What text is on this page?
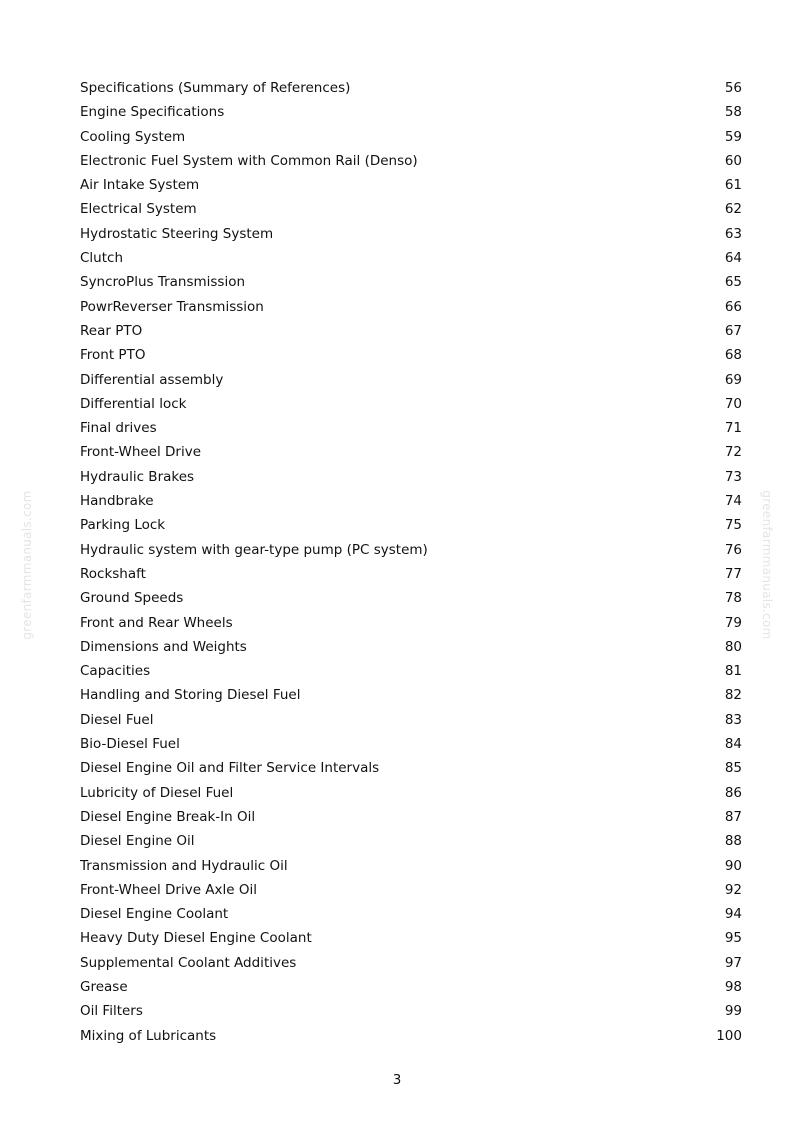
Specifications (Summary of References)	56
Engine Specifications	58
Cooling System	59
Electronic Fuel System with Common Rail (Denso)	60
Air Intake System	61
Electrical System	62
Hydrostatic Steering System	63
Clutch	64
SyncroPlus Transmission	65
PowrReverser Transmission	66
Rear PTO	67
Front PTO	68
Differential assembly	69
Differential lock	70
Final drives	71
Front-Wheel Drive	72
Hydraulic Brakes	73
Handbrake	74
Parking Lock	75
Hydraulic system with gear-type pump (PC system)	76
Rockshaft	77
Ground Speeds	78
Front and Rear Wheels	79
Dimensions and Weights	80
Capacities	81
Handling and Storing Diesel Fuel	82
Diesel Fuel	83
Bio-Diesel Fuel	84
Diesel Engine Oil and Filter Service Intervals	85
Lubricity of Diesel Fuel	86
Diesel Engine Break-In Oil	87
Diesel Engine Oil	88
Transmission and Hydraulic Oil	90
Front-Wheel Drive Axle Oil	92
Diesel Engine Coolant	94
Heavy Duty Diesel Engine Coolant	95
Supplemental Coolant Additives	97
Grease	98
Oil Filters	99
Mixing of Lubricants	100
3
greenfarmmanuals.com	greenfarmmanuals.com
